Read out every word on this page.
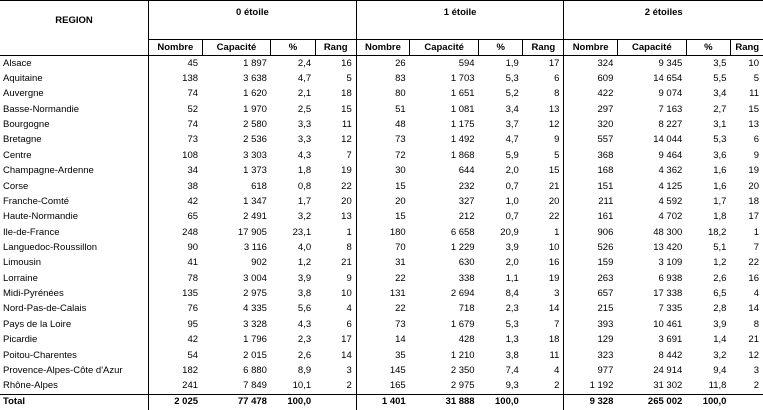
REGION	0 étoile				1 étoile				2 étoiles			
	Nombre	Capacité	%	Rang	Nombre	Capacité	%	Rang	Nombre	Capacité	%	Rang
Alsace	45	1 897	2,4	16	26	594	1,9	17	324	9 345	3,5	10
Aquitaine	138	3 638	4,7	5	83	1 703	5,3	6	609	14 654	5,5	5
Auvergne	74	1 620	2,1	18	80	1 651	5,2	8	422	9 074	3,4	11
Basse-Normandie	52	1 970	2,5	15	51	1 081	3,4	13	297	7 163	2,7	15
Bourgogne	74	2 580	3,3	11	48	1 175	3,7	12	320	8 227	3,1	13
Bretagne	73	2 536	3,3	12	73	1 492	4,7	9	557	14 044	5,3	6
Centre	108	3 303	4,3	7	72	1 868	5,9	5	368	9 464	3,6	9
Champagne-Ardenne	34	1 373	1,8	19	30	644	2,0	15	168	4 362	1,6	19
Corse	38	618	0,8	22	15	232	0,7	21	151	4 125	1,6	20
Franche-Comté	42	1 347	1,7	20	20	327	1,0	20	211	4 592	1,7	18
Haute-Normandie	65	2 491	3,2	13	15	212	0,7	22	161	4 702	1,8	17
Ile-de-France	248	17 905	23,1	1	180	6 658	20,9	1	906	48 300	18,2	1
Languedoc-Roussillon	90	3 116	4,0	8	70	1 229	3,9	10	526	13 420	5,1	7
Limousin	41	902	1,2	21	31	630	2,0	16	159	3 109	1,2	22
Lorraine	78	3 004	3,9	9	22	338	1,1	19	263	6 938	2,6	16
Midi-Pyrénées	135	2 975	3,8	10	131	2 694	8,4	3	657	17 338	6,5	4
Nord-Pas-de-Calais	76	4 335	5,6	4	22	718	2,3	14	215	7 335	2,8	14
Pays de la Loire	95	3 328	4,3	6	73	1 679	5,3	7	393	10 461	3,9	8
Picardie	42	1 796	2,3	17	14	428	1,3	18	129	3 691	1,4	21
Poitou-Charentes	54	2 015	2,6	14	35	1 210	3,8	11	323	8 442	3,2	12
Provence-Alpes-Côte d'Azur	182	6 880	8,9	3	145	2 350	7,4	4	977	24 914	9,4	3
Rhône-Alpes	241	7 849	10,1	2	165	2 975	9,3	2	1 192	31 302	11,8	2
Total	2 025	77 478	100,0		1 401	31 888	100,0		9 328	265 002	100,0	
